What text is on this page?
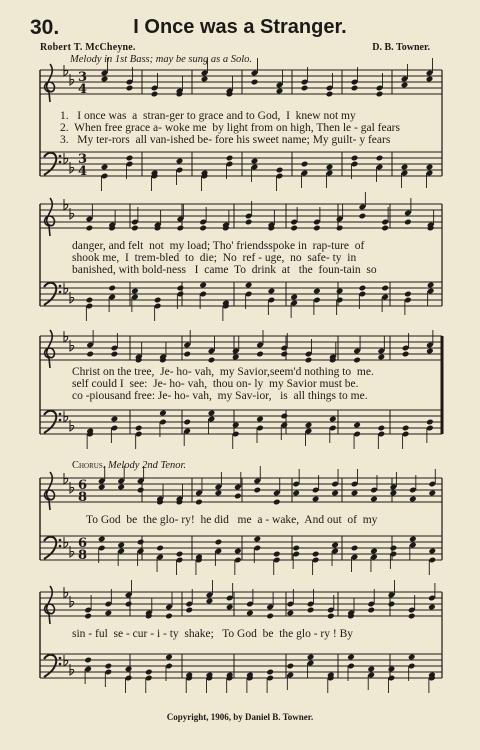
30.	I Once was a Stranger.
Robert T. McCheyne.	D. B. Towner.
Melody in 1st Bass; may be sung as a Solo.
3
4
3
4
6
8
6
8
1.   I once was  a  stran-ger to grace and to God,  I  knew not my
2.  When free grace a- woke me  by light from on high, Then le - gal fears
3.   My ter-rors  all van-ished be- fore his sweet name; My guilt- y fears
danger, and felt  not  my load; Tho' friendsspoke in  rap-ture  of
shook me,  I  trem-bled  to  die;  No  ref - uge,  no  safe- ty  in
banished, with bold-ness   I  came  To  drink  at   the  foun-tain  so
Christ on the tree,  Je- ho- vah,  my Savior,seem'd nothing to  me.
self could I  see:  Je- ho- vah,  thou on- ly  my Savior must be.
co -piousand free: Je- ho- vah,  my Sav-ior,   is  all things to me.
Chorus. Melody 2nd Tenor.
To God  be  the glo- ry!  he did   me  a - wake,  And out  of  my
sin - ful  se - cur - i - ty  shake;   To God  be  the glo - ry ! By
Copyright, 1906, by Daniel B. Towner.
